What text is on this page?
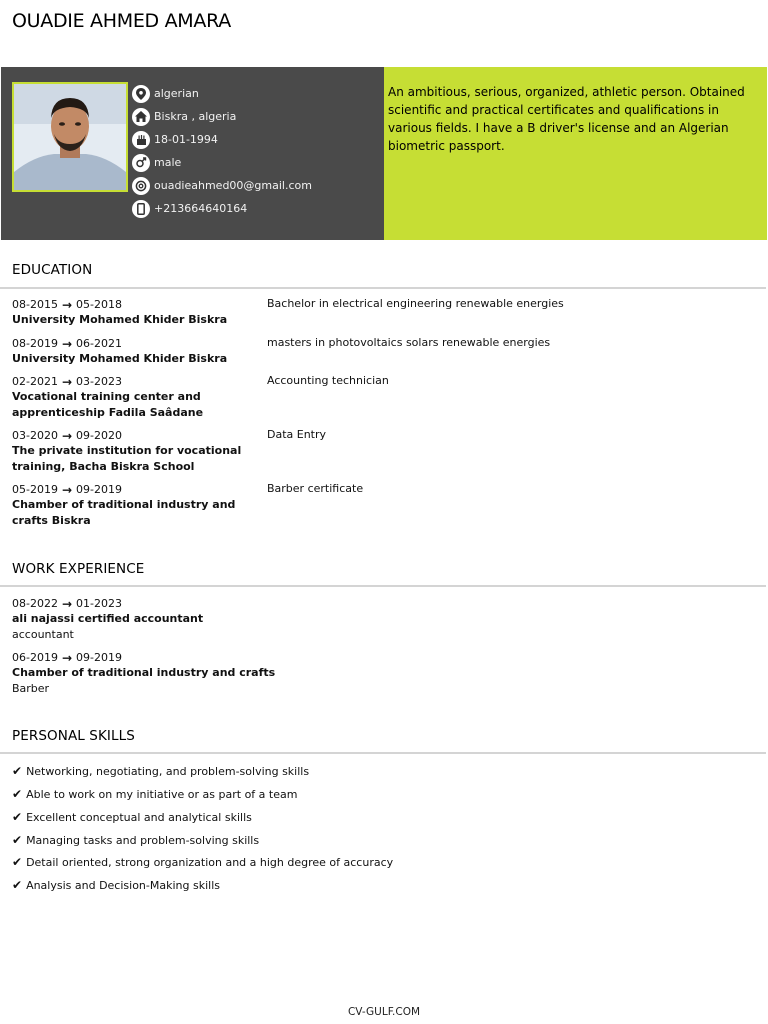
OUADIE AHMED AMARA
algerian
Biskra , algeria
18-01-1994
male
ouadieahmed00@gmail.com
+213664640164
An ambitious, serious, organized, athletic person. Obtained scientific and practical certificates and qualifications in various fields. I have a B driver's license and an Algerian biometric passport.
EDUCATION
08-2015 → 05-2018
University Mohamed Khider Biskra
Bachelor in electrical engineering renewable energies
08-2019 → 06-2021
University Mohamed Khider Biskra
masters in photovoltaics solars renewable energies
02-2021 → 03-2023
Vocational training center and apprenticeship Fadila Saâdane
Accounting technician
03-2020 → 09-2020
The private institution for vocational training, Bacha Biskra School
Data Entry
05-2019 → 09-2019
Chamber of traditional industry and crafts Biskra
Barber certificate
WORK EXPERIENCE
08-2022 → 01-2023
ali najassi certified accountant
accountant
06-2019 → 09-2019
Chamber of traditional industry and crafts
Barber
PERSONAL SKILLS
✔ Networking, negotiating, and problem-solving skills
✔ Able to work on my initiative or as part of a team
✔ Excellent conceptual and analytical skills
✔ Managing tasks and problem-solving skills
✔ Detail oriented, strong organization and a high degree of accuracy
✔ Analysis and Decision-Making skills
CV-GULF.COM
